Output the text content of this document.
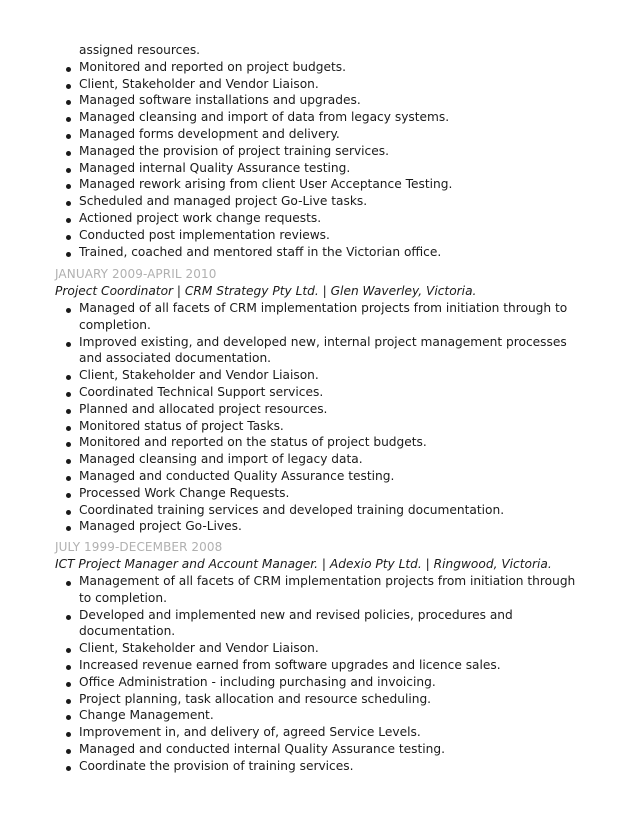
assigned resources.
Monitored and reported on project budgets.
Client, Stakeholder and Vendor Liaison.
Managed software installations and upgrades.
Managed cleansing and import of data from legacy systems.
Managed forms development and delivery.
Managed the provision of project training services.
Managed internal Quality Assurance testing.
Managed rework arising from client User Acceptance Testing.
Scheduled and managed project Go-Live tasks.
Actioned project work change requests.
Conducted post implementation reviews.
Trained, coached and mentored staff in the Victorian office.
JANUARY 2009-APRIL 2010
Project Coordinator | CRM Strategy Pty Ltd. | Glen Waverley, Victoria.
Managed of all facets of CRM implementation projects from initiation through to completion.
Improved existing, and developed new, internal project management processes and associated documentation.
Client, Stakeholder and Vendor Liaison.
Coordinated Technical Support services.
Planned and allocated project resources.
Monitored status of project Tasks.
Monitored and reported on the status of project budgets.
Managed cleansing and import of legacy data.
Managed and conducted Quality Assurance testing.
Processed Work Change Requests.
Coordinated training services and developed training documentation.
Managed project Go-Lives.
JULY 1999-DECEMBER 2008
ICT Project Manager and Account Manager. | Adexio Pty Ltd. | Ringwood, Victoria.
Management of all facets of CRM implementation projects from initiation through to completion.
Developed and implemented new and revised policies, procedures and documentation.
Client, Stakeholder and Vendor Liaison.
Increased revenue earned from software upgrades and licence sales.
Office Administration - including purchasing and invoicing.
Project planning, task allocation and resource scheduling.
Change Management.
Improvement in, and delivery of, agreed Service Levels.
Managed and conducted internal Quality Assurance testing.
Coordinate the provision of training services.
